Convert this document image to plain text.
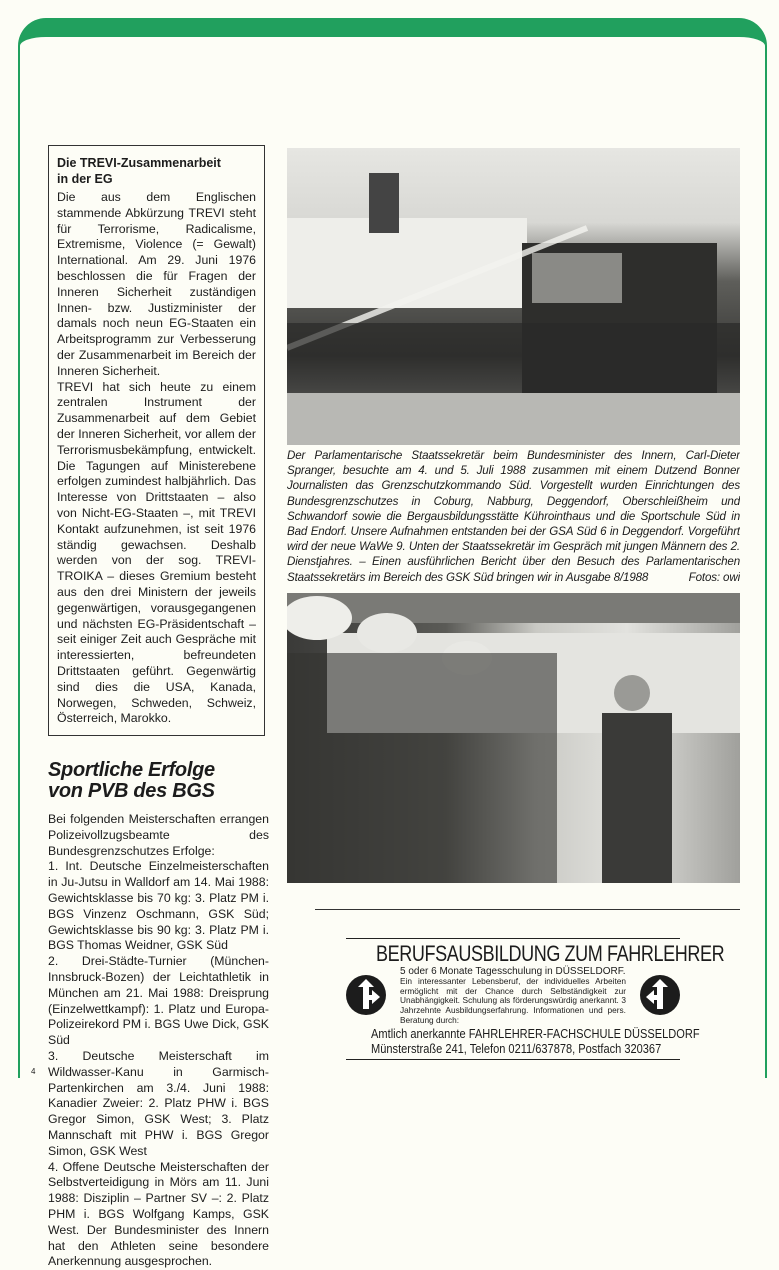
Die TREVI-Zusammenarbeit
in der EG

Die aus dem Englischen stammende Abkürzung TREVI steht für Terrorisme, Radicalisme, Extremisme, Violence (= Gewalt) International. Am 29. Juni 1976 beschlossen die für Fragen der Inneren Sicherheit zuständigen Innen- bzw. Justizminister der damals noch neun EG-Staaten ein Arbeitsprogramm zur Verbesserung der Zusammenarbeit im Bereich der Inneren Sicherheit.

TREVI hat sich heute zu einem zentralen Instrument der Zusammenarbeit auf dem Gebiet der Inneren Sicherheit, vor allem der Terrorismusbekämpfung, entwickelt. Die Tagungen auf Ministerebene erfolgen zumindest halbjährlich. Das Interesse von Drittstaaten – also von Nicht-EG-Staaten –, mit TREVI Kontakt aufzunehmen, ist seit 1976 ständig gewachsen. Deshalb werden von der sog. TREVI-TROIKA – dieses Gremium besteht aus den drei Ministern der jeweils gegenwärtigen, vorausgegangenen und nächsten EG-Präsidentschaft – seit einiger Zeit auch Gespräche mit interessierten, befreundeten Drittstaaten geführt. Gegenwärtig sind dies die USA, Kanada, Norwegen, Schweden, Schweiz, Österreich, Marokko.

Sportliche Erfolge
von PVB des BGS

Bei folgenden Meisterschaften errangen Polizeivollzugsbeamte des Bundesgrenzschutzes Erfolge:

1. Int. Deutsche Einzelmeisterschaften in Ju-Jutsu in Walldorf am 14. Mai 1988: Gewichtsklasse bis 70 kg: 3. Platz PM i. BGS Vinzenz Oschmann, GSK Süd; Gewichtsklasse bis 90 kg: 3. Platz PM i. BGS Thomas Weidner, GSK Süd

2. Drei-Städte-Turnier (München-Innsbruck-Bozen) der Leichtathletik in München am 21. Mai 1988: Dreisprung (Einzelwettkampf): 1. Platz und Europa-Polizeirekord PM i. BGS Uwe Dick, GSK Süd

3. Deutsche Meisterschaft im Wildwasser-Kanu in Garmisch-Partenkirchen am 3./4. Juni 1988: Kanadier Zweier: 2. Platz PHW i. BGS Gregor Simon, GSK West; 3. Platz Mannschaft mit PHW i. BGS Gregor Simon, GSK West

4. Offene Deutsche Meisterschaften der Selbstverteidigung in Mörs am 11. Juni 1988: Disziplin – Partner SV –: 2. Platz PHM i. BGS Wolfgang Kamps, GSK West. Der Bundesminister des Innern hat den Athleten seine besondere Anerkennung ausgesprochen.

4
Der Parlamentarische Staatssekretär beim Bundesminister des Innern, Carl-Dieter Spranger, besuchte am 4. und 5. Juli 1988 zusammen mit einem Dutzend Bonner Journalisten das Grenzschutzkommando Süd. Vorgestellt wurden Einrichtungen des Bundesgrenzschutzes in Coburg, Nabburg, Deggendorf, Oberschleißheim und Schwandorf sowie die Bergausbildungsstätte Kührointhaus und die Sportschule Süd in Bad Endorf. Unsere Aufnahmen entstanden bei der GSA Süd 6 in Deggendorf. Vorgeführt wird der neue WaWe 9. Unten der Staatssekretär im Gespräch mit jungen Männern des 2. Dienstjahres. – Einen ausführlichen Bericht über den Besuch des Parlamentarischen Staatssekretärs im Bereich des GSK Süd bringen wir in Ausgabe 8/1988	Fotos: owi
BERUFSAUSBILDUNG ZUM FAHRLEHRER
5 oder 6 Monate Tagesschulung in DÜSSELDORF.
Ein interessanter Lebensberuf, der individuelles Arbeiten ermöglicht mit der Chance durch Selbständigkeit zur Unabhängigkeit. Schulung als förderungswürdig anerkannt. 3 Jahrzehnte Ausbildungserfahrung. Informationen und pers. Beratung durch:
Amtlich anerkannte FAHRLEHRER-FACHSCHULE DÜSSELDORF
Münsterstraße 241, Telefon 0211/637878, Postfach 320367
